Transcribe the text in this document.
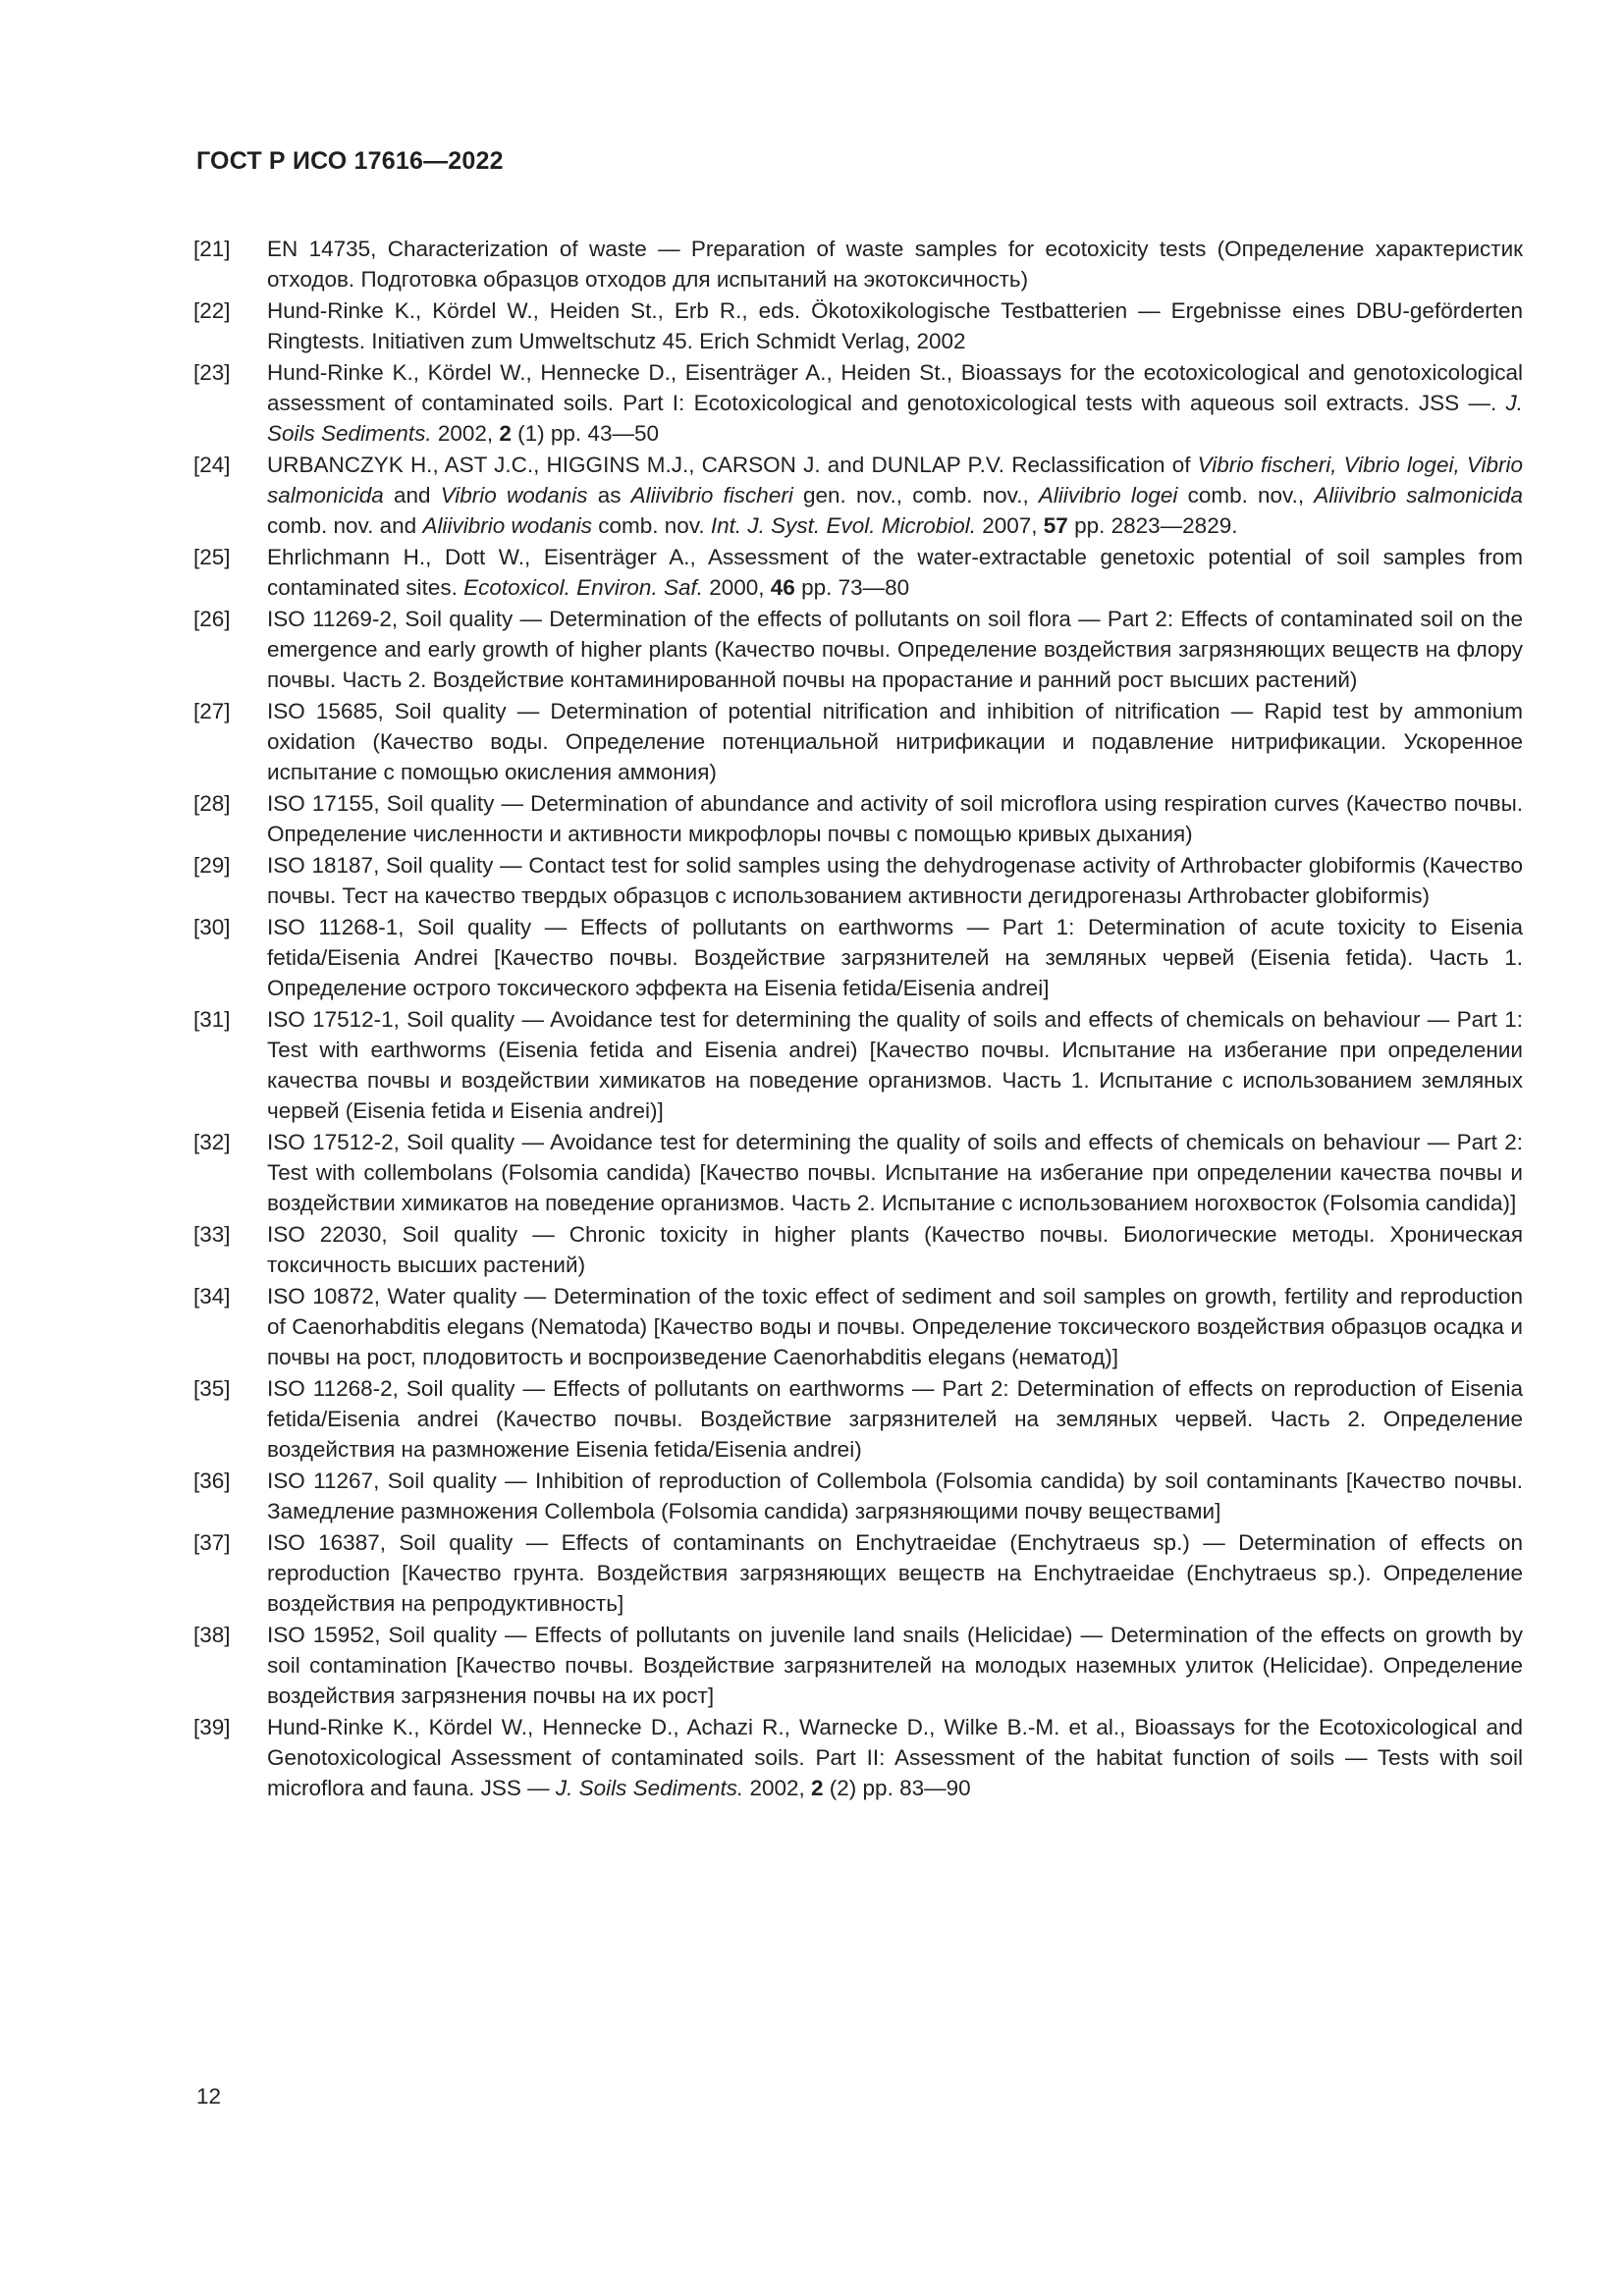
ГОСТ Р ИСО 17616—2022
[21]	EN 14735, Characterization of waste — Preparation of waste samples for ecotoxicity tests (Определение характеристик отходов. Подготовка образцов отходов для испытаний на экотоксичность)
[22]	Hund-Rinke K., Kördel W., Heiden St., Erb R., eds. Ökotoxikologische Testbatterien — Ergebnisse eines DBU-geförderten Ringtests. Initiativen zum Umweltschutz 45. Erich Schmidt Verlag, 2002
[23]	Hund-Rinke K., Kördel W., Hennecke D., Eisenträger A., Heiden St., Bioassays for the ecotoxicological and genotoxicological assessment of contaminated soils. Part I: Ecotoxicological and genotoxicological tests with aqueous soil extracts. JSS —. J. Soils Sediments. 2002, 2 (1) pp. 43—50
[24]	URBANCZYK H., AST J.C., HIGGINS M.J., CARSON J. and DUNLAP P.V. Reclassification of Vibrio fischeri, Vibrio logei, Vibrio salmonicida and Vibrio wodanis as Aliivibrio fischeri gen. nov., comb. nov., Aliivibrio logei comb. nov., Aliivibrio salmonicida comb. nov. and Aliivibrio wodanis comb. nov. Int. J. Syst. Evol. Microbiol. 2007, 57 pp. 2823—2829.
[25]	Ehrlichmann H., Dott W., Eisenträger A., Assessment of the water-extractable genetoxic potential of soil samples from contaminated sites. Ecotoxicol. Environ. Saf. 2000, 46 pp. 73—80
[26]	ISO 11269-2, Soil quality — Determination of the effects of pollutants on soil flora — Part 2: Effects of contaminated soil on the emergence and early growth of higher plants (Качество почвы. Определение воздействия загрязняющих веществ на флору почвы. Часть 2. Воздействие контаминированной почвы на прорастание и ранний рост высших растений)
[27]	ISO 15685, Soil quality — Determination of potential nitrification and inhibition of nitrification — Rapid test by ammonium oxidation (Качество воды. Определение потенциальной нитрификации и подавление нитрификации. Ускоренное испытание с помощью окисления аммония)
[28]	ISO 17155, Soil quality — Determination of abundance and activity of soil microflora using respiration curves (Качество почвы. Определение численности и активности микрофлоры почвы с помощью кривых дыхания)
[29]	ISO 18187, Soil quality — Contact test for solid samples using the dehydrogenase activity of Arthrobacter globiformis (Качество почвы. Тест на качество твердых образцов с использованием активности дегидрогеназы Arthrobacter globiformis)
[30]	ISO 11268-1, Soil quality — Effects of pollutants on earthworms — Part 1: Determination of acute toxicity to Eisenia fetida/Eisenia Andrei [Качество почвы. Воздействие загрязнителей на земляных червей (Eisenia fetida). Часть 1. Определение острого токсического эффекта на Eisenia fetida/Eisenia andrei]
[31]	ISO 17512-1, Soil quality — Avoidance test for determining the quality of soils and effects of chemicals on behaviour — Part 1: Test with earthworms (Eisenia fetida and Eisenia andrei) [Качество почвы. Испытание на избегание при определении качества почвы и воздействии химикатов на поведение организмов. Часть 1. Испытание с использованием земляных червей (Eisenia fetida и Eisenia andrei)]
[32]	ISO 17512-2, Soil quality — Avoidance test for determining the quality of soils and effects of chemicals on behaviour — Part 2: Test with collembolans (Folsomia candida) [Качество почвы. Испытание на избегание при определении качества почвы и воздействии химикатов на поведение организмов. Часть 2. Испытание с использованием ногохвосток (Folsomia candida)]
[33]	ISO 22030, Soil quality — Chronic toxicity in higher plants (Качество почвы. Биологические методы. Хроническая токсичность высших растений)
[34]	ISO 10872, Water quality — Determination of the toxic effect of sediment and soil samples on growth, fertility and reproduction of Caenorhabditis elegans (Nematoda) [Качество воды и почвы. Определение токсического воздействия образцов осадка и почвы на рост, плодовитость и воспроизведение Caenorhabditis elegans (нематод)]
[35]	ISO 11268-2, Soil quality — Effects of pollutants on earthworms — Part 2: Determination of effects on reproduction of Eisenia fetida/Eisenia andrei (Качество почвы. Воздействие загрязнителей на земляных червей. Часть 2. Определение воздействия на размножение Eisenia fetida/Eisenia andrei)
[36]	ISO 11267, Soil quality — Inhibition of reproduction of Collembola (Folsomia candida) by soil contaminants [Качество почвы. Замедление размножения Collembola (Folsomia candida) загрязняющими почву веществами]
[37]	ISO 16387, Soil quality — Effects of contaminants on Enchytraeidae (Enchytraeus sp.) — Determination of effects on reproduction [Качество грунта. Воздействия загрязняющих веществ на Enchytraeidae (Enchytraeus sp.). Определение воздействия на репродуктивность]
[38]	ISO 15952, Soil quality — Effects of pollutants on juvenile land snails (Helicidae) — Determination of the effects on growth by soil contamination [Качество почвы. Воздействие загрязнителей на молодых наземных улиток (Helicidae). Определение воздействия загрязнения почвы на их рост]
[39]	Hund-Rinke K., Kördel W., Hennecke D., Achazi R., Warnecke D., Wilke B.-M. et al., Bioassays for the Ecotoxicological and Genotoxicological Assessment of contaminated soils. Part II: Assessment of the habitat function of soils — Tests with soil microflora and fauna. JSS — J. Soils Sediments. 2002, 2 (2) pp. 83—90
12
